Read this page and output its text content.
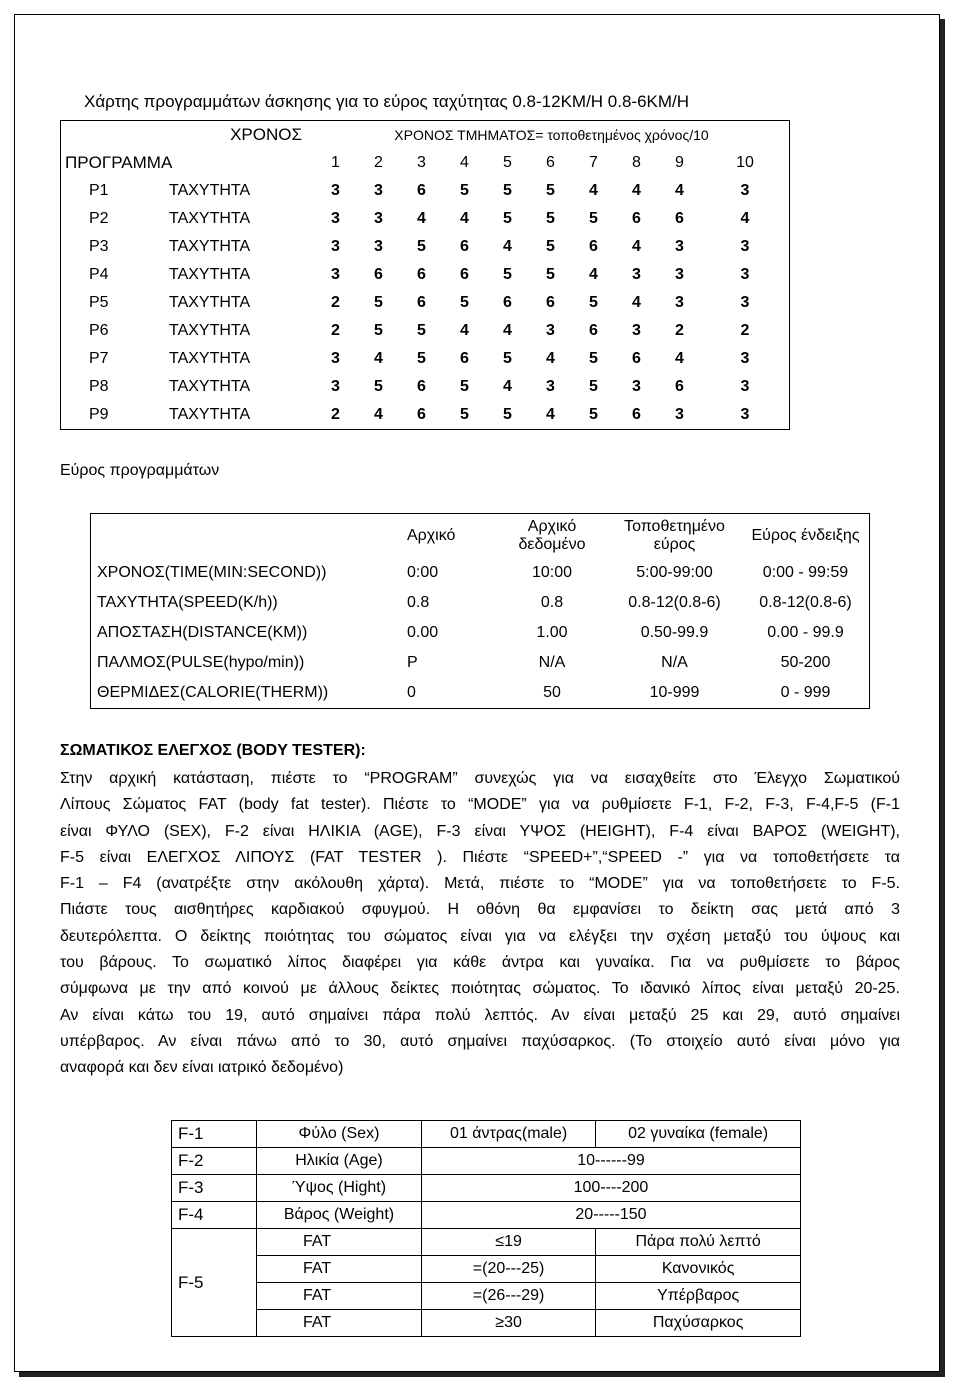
Χάρτης προγραμμάτων άσκησης για το εύρος ταχύτητας 0.8-12ΚΜ/Η 0.8-6ΚΜ/Η
ΧΡΟΝΟΣ		ΧΡΟΝΟΣ ΤΜΗΜΑΤΟΣ= τοποθετημένος χρόνος/10									
ΠΡΟΓΡΑΜΜΑ		1	2	3	4	5	6	7	8	9	10
P1	ΤΑΧΥΤΗΤΑ	3	3	6	5	5	5	4	4	4	3
P2	ΤΑΧΥΤΗΤΑ	3	3	4	4	5	5	5	6	6	4
P3	ΤΑΧΥΤΗΤΑ	3	3	5	6	4	5	6	4	3	3
P4	ΤΑΧΥΤΗΤΑ	3	6	6	6	5	5	4	3	3	3
P5	ΤΑΧΥΤΗΤΑ	2	5	6	5	6	6	5	4	3	3
P6	ΤΑΧΥΤΗΤΑ	2	5	5	4	4	3	6	3	2	2
P7	ΤΑΧΥΤΗΤΑ	3	4	5	6	5	4	5	6	4	3
P8	ΤΑΧΥΤΗΤΑ	3	5	6	5	4	3	5	3	6	3
P9	ΤΑΧΥΤΗΤΑ	2	4	6	5	5	4	5	6	3	3
Εύρος προγραμμάτων
	Αρχικό	Αρχικό δεδομένο	Τοποθετημένο εύρος	Εύρος ένδειξης
ΧΡΟΝΟΣ(TIME(MIN:SECOND))	0:00	10:00	5:00-99:00	0:00 - 99:59
ΤΑΧΥΤΗΤΑ(SPEED(K/h))	0.8	0.8	0.8-12(0.8-6)	0.8-12(0.8-6)
ΑΠΟΣΤΑΣΗ(DISTANCE(KM))	0.00	1.00	0.50-99.9	0.00 - 99.9
ΠΑΛΜΟΣ(PULSE(hypo/min))	P	N/A	N/A	50-200
ΘΕΡΜΙΔΕΣ(CALORIE(THERM))	0	50	10-999	0 - 999
ΣΩΜΑΤΙΚΟΣ ΕΛΕΓΧΟΣ (BODY TESTER):
Στην αρχική κατάσταση, πιέστε το “PROGRAM” συνεχώς για να εισαχθείτε στο Έλεγχο Σωματικού
Λίπους Σώματος FAT (body fat tester). Πιέστε το “MODE” για να ρυθμίσετε F-1, F-2, F-3, F-4,F-5 (F-1
είναι ΦΥΛΟ (SEX), F-2 είναι ΗΛΙΚΙΑ (AGE), F-3 είναι ΥΨΟΣ (HEIGHT), F-4 είναι ΒΑΡΟΣ (WEIGHT),
F-5 είναι ΕΛΕΓΧΟΣ ΛΙΠΟΥΣ (FAT TESTER ). Πιέστε “SPEED+”,“SPEED -” για να τοποθετήσετε τα
F-1 – F4 (ανατρέξτε στην ακόλουθη χάρτα). Μετά, πιέστε το “MODE” για να τοποθετήσετε το F-5.
Πιάστε τους αισθητήρες καρδιακού σφυγμού. Η οθόνη θα εμφανίσει το δείκτη σας μετά από 3
δευτερόλεπτα. Ο δείκτης ποιότητας του σώματος είναι για να ελέγξει την σχέση μεταξύ του ύψους και
του βάρους. Το σωματικό λίπος διαφέρει για κάθε άντρα και γυναίκα. Για να ρυθμίσετε το βάρος
σύμφωνα με την από κοινού με άλλους δείκτες ποιότητας σώματος. Το ιδανικό λίπος είναι μεταξύ 20-25.
Αν είναι κάτω του 19, αυτό σημαίνει πάρα πολύ λεπτός. Αν είναι μεταξύ 25 και 29, αυτό σημαίνει
υπέρβαρος. Αν είναι πάνω από το 30, αυτό σημαίνει παχύσαρκος. (Το στοιχείο αυτό είναι μόνο για
αναφορά και δεν είναι ιατρικό δεδομένο)
F-1	Φύλο (Sex)	01 άντρας(male)	02 γυναίκα (female)
F-2	Ηλικία (Age)	10------99	
F-3	Ύψος (Hight)	100----200	
F-4	Βάρος (Weight)	20-----150	
F-5	FAT	≤19	Πάρα πολύ λεπτό
	FAT	=(20---25)	Κανονικός
	FAT	=(26---29)	Υπέρβαρος
	FAT	≥30	Παχύσαρκος
